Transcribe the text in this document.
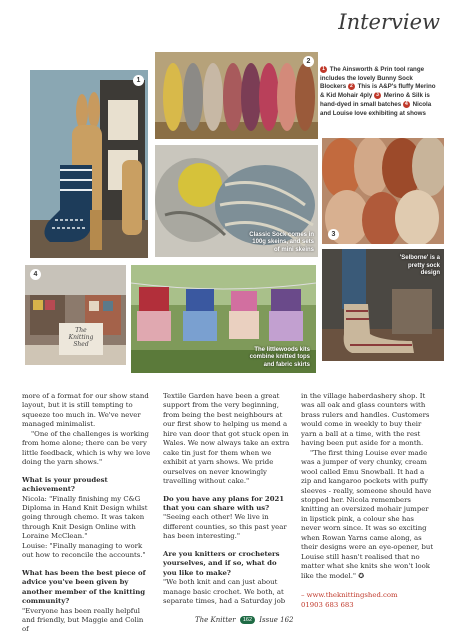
Interview
1
2
1 The Ainsworth & Prin tool range includes the lovely Bunny Sock Blockers 2 This is A&P's fluffy Merino & Kid Mohair 4ply 3 Merino & Silk is hand-dyed in small batches 4 Nicola and Louise love exhibiting at shows
Classic Sock comes in 100g skeins, and sets of mini skeins
3
'Selborne' is a pretty sock design
The Knitting
Shed
4
The littlewoods kits combine knitted tops and fabric skirts

more of a format for our show stand layout, but it is still tempting to squeeze too much in. We've never managed minimalist.

"One of the challenges is working from home alone; there can be very little feedback, which is why we love doing the yarn shows."

What is your proudest achievement?

Nicola: "Finally finishing my C&G Diploma in Hand Knit Design whilst going through chemo. It was taken through Knit Design Online with Loraine McClean."

Louise: "Finally managing to work out how to reconcile the accounts."

What has been the best piece of advice you've been given by another member of the knitting community?

"Everyone has been really helpful and friendly, but Maggie and Colin of

Textile Garden have been a great support from the very beginning, from being the best neighbours at our first show to helping us mend a hire van door that got stuck open in Wales. We now always take an extra cake tin just for them when we exhibit at yarn shows. We pride ourselves on never knowingly travelling without cake."

Do you have any plans for 2021 that you can share with us?

"Seeing each other! We live in different counties, so this past year has been interesting."

Are you knitters or crocheters yourselves, and if so, what do you like to make?

"We both knit and can just about manage basic crochet. We both, at separate times, had a Saturday job

in the village haberdashery shop. It was all oak and glass counters with brass rulers and handles. Customers would come in weekly to buy their yarn a ball at a time, with the rest having been put aside for a month.

"The first thing Louise ever made was a jumper of very chunky, cream wool called Emu Snowball. It had a zip and kangaroo pockets with puffy sleeves - really, someone should have stopped her. Nicola remembers knitting an oversized mohair jumper in lipstick pink, a colour she has never worn since. It was so exciting when Rowan Yarns came along, as their designs were an eye-opener, but Louise still hasn't realised that no matter what she knits she won't look like the model." ✪

– www.theknittingshed.com
01903 683 683

The Knitter 162 Issue 162
